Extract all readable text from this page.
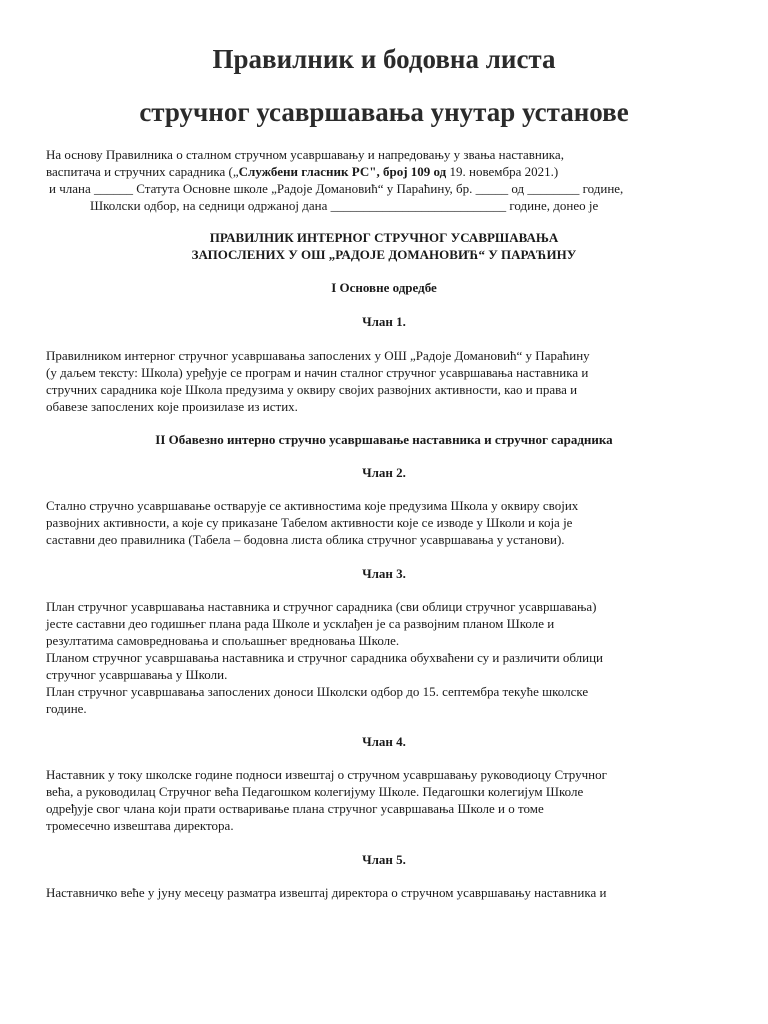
Правилник и бодовна листа
стручног усавршавања унутар установе
На основу Правилника о сталном стручном усавршавању и напредовању у звања наставника,
васпитача и стручних сарадника („Службени гласник РС", број 109 од 19. новембра 2021.)
и члана ______ Статута Основне школе „Радоје Домановић“ у Параћину, бр. _____ од ________ године,
Школски одбор, на седници одржаној дана ___________________________ године, донео је
ПРАВИЛНИК ИНТЕРНОГ СТРУЧНОГ УСАВРШАВАЊА
ЗАПОСЛЕНИХ У ОШ „РАДОЈЕ ДОМАНОВИЋ“ У ПАРАЋИНУ
I Основне одредбе
Члан 1.
Правилником интерног стручног усавршавања запослених у ОШ „Радоје Домановић“ у Параћину
(у даљем тексту: Школа) уређује се програм и начин сталног стручног усавршавања наставника и
стручних сарадника које Школа предузима у оквиру својих развојних активности, као и права и
обавезе запослених које произилазе из истих.
II Обавезно интерно стручно усавршавање наставника и стручног сарадника
Члан 2.
Стално стручно усавршавање остварује се активностима које предузима Школа у оквиру својих
развојних активности, а које су приказане Табелом активности које се изводе у Школи и која је
саставни део правилника (Табела – бодовна листа облика стручног усавршавања у установи).
Члан 3.
План стручног усавршавања наставника и стручног сарадника (сви облици стручног усавршавања)
јесте саставни део годишњег плана рада Школе и усклађен је са развојним планом Школе и
резултатима самовредновања и спољашњег вредновања Школе.
Планом стручног усавршавања наставника и стручног сарадника обухваћени су и различити облици
стручног усавршавања у Школи.
План стручног усавршавања запослених доноси Школски одбор до 15. септембра текуће школске
године.
Члан 4.
Наставник у току школске године подноси извештај о стручном усавршавању руководиоцу Стручног
већа, а руководилац Стручног већа Педагошком колегијуму Школе. Педагошки колегијум Школе
одређује свог члана који прати остваривање плана стручног усавршавања Школе и о томе
тромесечно извештава директора.
Члан 5.
Наставничко веће у јуну месецу разматра извештај директора о стручном усавршавању наставника и
